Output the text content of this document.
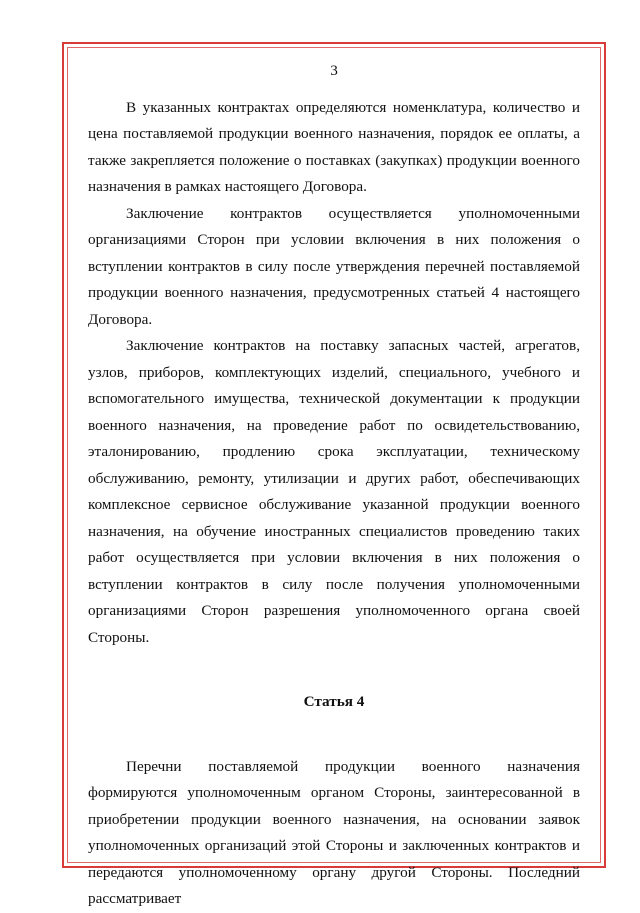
3

В указанных контрактах определяются номенклатура, количество и цена поставляемой продукции военного назначения, порядок ее оплаты, а также закрепляется положение о поставках (закупках) продукции военного назначения в рамках настоящего Договора.

Заключение контрактов осуществляется уполномоченными организациями Сторон при условии включения в них положения о вступлении контрактов в силу после утверждения перечней поставляемой продукции военного назначения, предусмотренных статьей 4 настоящего Договора.

Заключение контрактов на поставку запасных частей, агрегатов, узлов, приборов, комплектующих изделий, специального, учебного и вспомогательного имущества, технической документации к продукции военного назначения, на проведение работ по освидетельствованию, эталонированию, продлению срока эксплуатации, техническому обслуживанию, ремонту, утилизации и других работ, обеспечивающих комплексное сервисное обслуживание указанной продукции военного назначения, на обучение иностранных специалистов проведению таких работ осуществляется при условии включения в них положения о вступлении контрактов в силу после получения уполномоченными организациями Сторон разрешения уполномоченного органа своей Стороны.

Статья 4

Перечни поставляемой продукции военного назначения формируются уполномоченным органом Стороны, заинтересованной в приобретении продукции военного назначения, на основании заявок уполномоченных организаций этой Стороны и заключенных контрактов и передаются уполномоченному органу другой Стороны. Последний рассматривает
